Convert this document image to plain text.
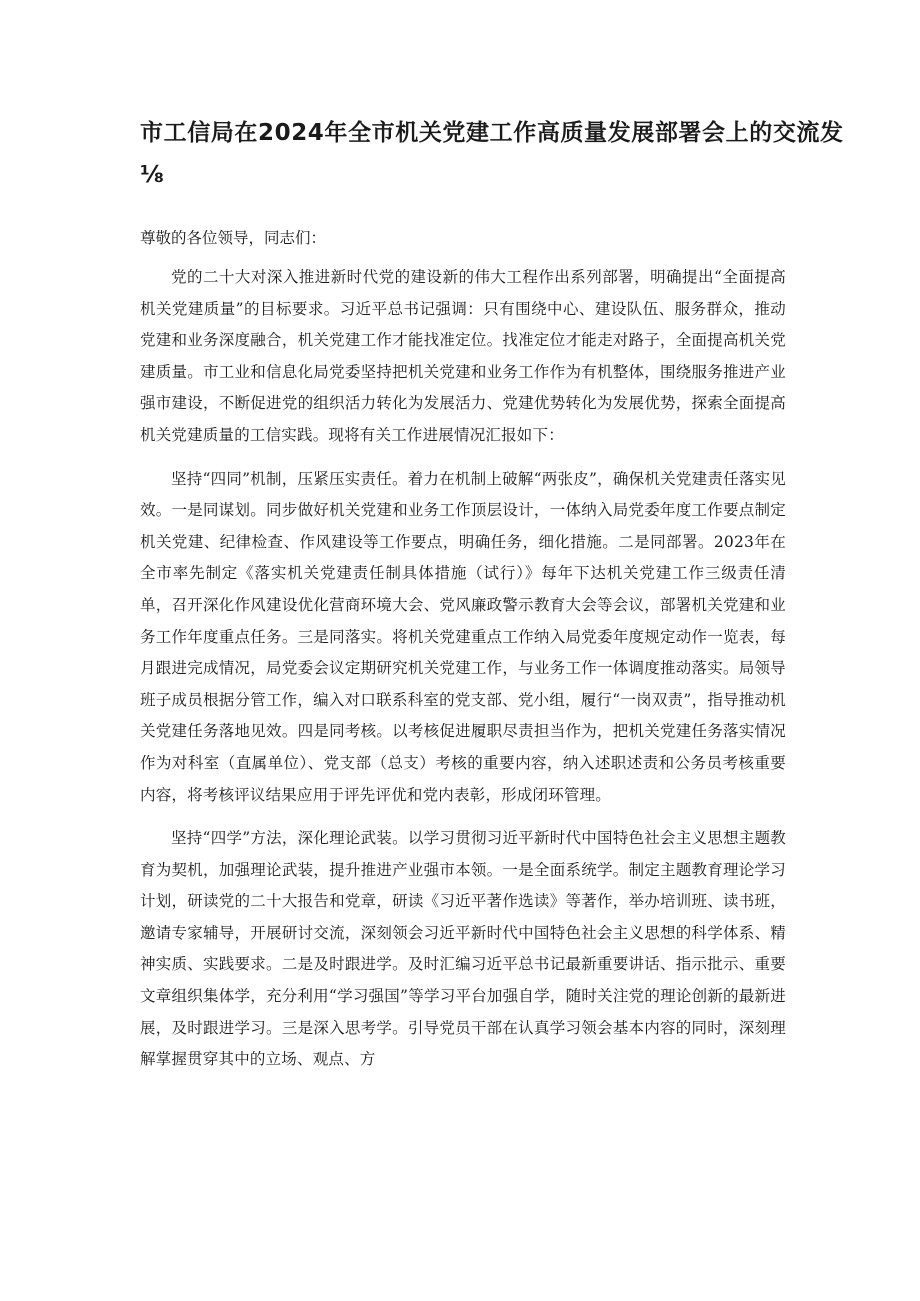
市工信局在2024年全市机关党建工作高质量发展部署会上的交流发
⅛

尊敬的各位领导，同志们：

党的二十大对深入推进新时代党的建设新的伟大工程作出系列部署，明确提出“全面提高机关党建质量”的目标要求。习近平总书记强调：只有围绕中心、建设队伍、服务群众，推动党建和业务深度融合，机关党建工作才能找准定位。找准定位才能走对路子，全面提高机关党建质量。市工业和信息化局党委坚持把机关党建和业务工作作为有机整体，围绕服务推进产业强市建设，不断促进党的组织活力转化为发展活力、党建优势转化为发展优势，探索全面提高机关党建质量的工信实践。现将有关工作进展情况汇报如下：

坚持“四同”机制，压紧压实责任。着力在机制上破解“两张皮”，确保机关党建责任落实见效。一是同谋划。同步做好机关党建和业务工作顶层设计，一体纳入局党委年度工作要点制定机关党建、纪律检查、作风建设等工作要点，明确任务，细化措施。二是同部署。2023年在全市率先制定《落实机关党建责任制具体措施（试行）》每年下达机关党建工作三级责任清单，召开深化作风建设优化营商环境大会、党风廉政警示教育大会等会议，部署机关党建和业务工作年度重点任务。三是同落实。将机关党建重点工作纳入局党委年度规定动作一览表，每月跟进完成情况，局党委会议定期研究机关党建工作，与业务工作一体调度推动落实。局领导班子成员根据分管工作，编入对口联系科室的党支部、党小组，履行“一岗双责”，指导推动机关党建任务落地见效。四是同考核。以考核促进履职尽责担当作为，把机关党建任务落实情况作为对科室（直属单位）、党支部（总支）考核的重要内容，纳入述职述责和公务员考核重要内容，将考核评议结果应用于评先评优和党内表彰，形成闭环管理。

坚持“四学”方法，深化理论武装。以学习贯彻习近平新时代中国特色社会主义思想主题教育为契机，加强理论武装，提升推进产业强市本领。一是全面系统学。制定主题教育理论学习计划，研读党的二十大报告和党章，研读《习近平著作选读》等著作，举办培训班、读书班，邀请专家辅导，开展研讨交流，深刻领会习近平新时代中国特色社会主义思想的科学体系、精神实质、实践要求。二是及时跟进学。及时汇编习近平总书记最新重要讲话、指示批示、重要文章组织集体学，充分利用“学习强国”等学习平台加强自学，随时关注党的理论创新的最新进展，及时跟进学习。三是深入思考学。引导党员干部在认真学习领会基本内容的同时，深刻理解掌握贯穿其中的立场、观点、方
